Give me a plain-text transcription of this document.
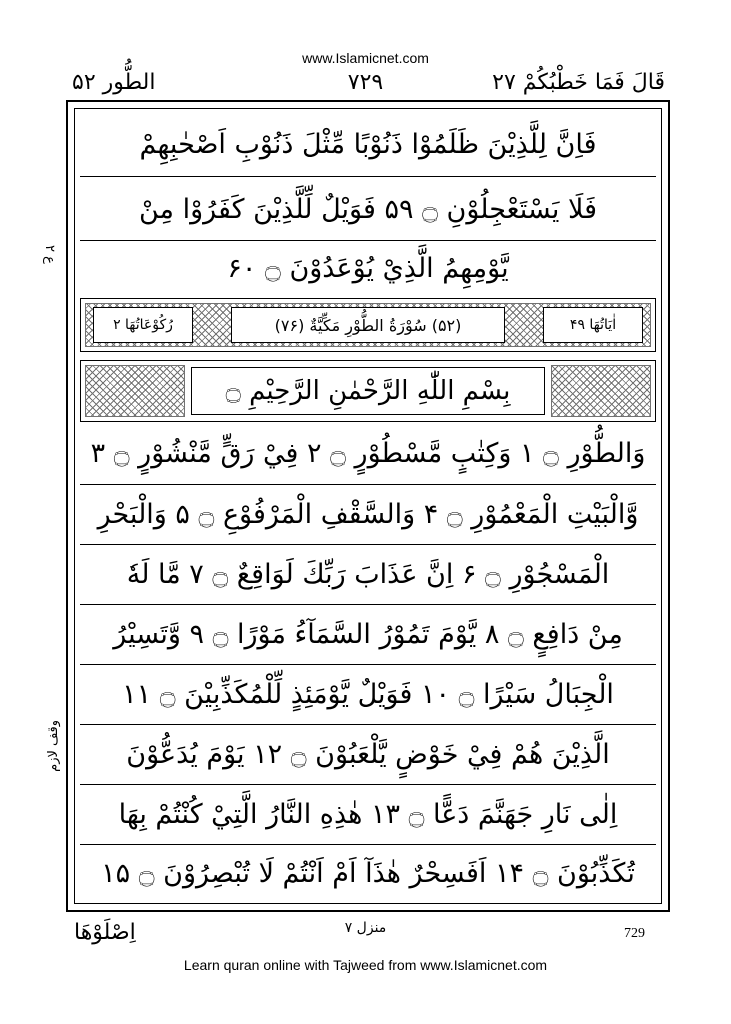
www.Islamicnet.com
قَالَ فَمَا خَطْبُكُمْ ۲۷
۷۲۹
الطُّور ۵۲
ع ۲
وقف لازم
فَاِنَّ لِلَّذِيْنَ ظَلَمُوْا ذَنُوْبًا مِّثْلَ ذَنُوْبِ اَصْحٰبِهِمْ
فَلَا يَسْتَعْجِلُوْنِ ۝ ۵۹ فَوَيْلٌ لِّلَّذِيْنَ كَفَرُوْا مِنْ
يَّوْمِهِمُ الَّذِيْ يُوْعَدُوْنَ ۝ ۶۰
اٰيَاتُهَا ۴۹
(۵۲) سُوْرَةُ الطُّوْرِ مَكِّيَّةٌ (۷۶)
رُكُوْعَاتُهَا ۲
بِسْمِ اللّٰهِ الرَّحْمٰنِ الرَّحِيْمِ ۝
وَالطُّوْرِ ۝ ۱ وَكِتٰبٍ مَّسْطُوْرٍ ۝ ۲ فِيْ رَقٍّ مَّنْشُوْرٍ ۝ ۳
وَّالْبَيْتِ الْمَعْمُوْرِ ۝ ۴ وَالسَّقْفِ الْمَرْفُوْعِ ۝ ۵ وَالْبَحْرِ
الْمَسْجُوْرِ ۝ ۶ اِنَّ عَذَابَ رَبِّكَ لَوَاقِعٌ ۝ ۷ مَّا لَهٗ
مِنْ دَافِعٍ ۝ ۸ يَّوْمَ تَمُوْرُ السَّمَآءُ مَوْرًا ۝ ۹ وَّتَسِيْرُ
الْجِبَالُ سَيْرًا ۝ ۱۰ فَوَيْلٌ يَّوْمَئِذٍ لِّلْمُكَذِّبِيْنَ ۝ ۱۱
الَّذِيْنَ هُمْ فِيْ خَوْضٍ يَّلْعَبُوْنَ ۝ ۱۲ يَوْمَ يُدَعُّوْنَ
اِلٰى نَارِ جَهَنَّمَ دَعًّا ۝ ۱۳ هٰذِهِ النَّارُ الَّتِيْ كُنْتُمْ بِهَا
تُكَذِّبُوْنَ ۝ ۱۴ اَفَسِحْرٌ هٰذَآ اَمْ اَنْتُمْ لَا تُبْصِرُوْنَ ۝ ۱۵
اِصْلَوْهَا	منزل ۷	729
Learn quran online with Tajweed from www.Islamicnet.com
